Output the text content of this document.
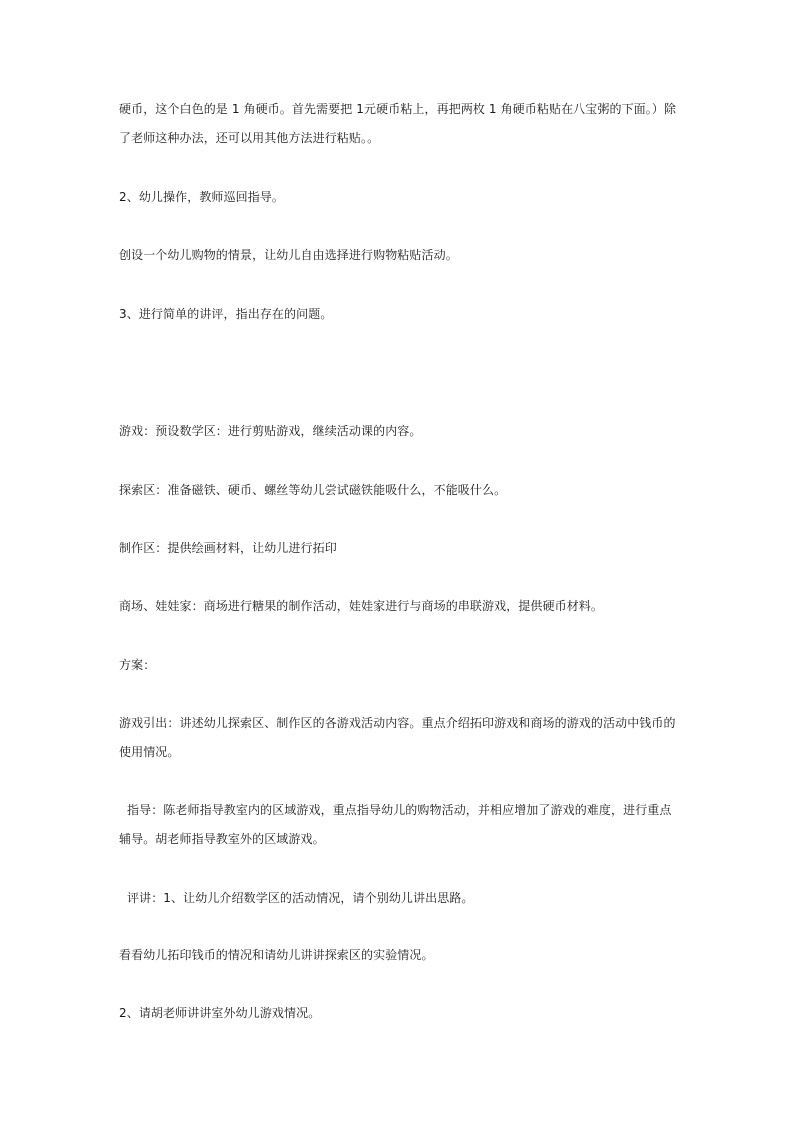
硬币，这个白色的是 1 角硬币。首先需要把 1元硬币粘上，再把两枚 1 角硬币粘贴在八宝粥的下面。）除了老师这种办法，还可以用其他方法进行粘贴。。

2、幼儿操作，教师巡回指导。

创设一个幼儿购物的情景，让幼儿自由选择进行购物粘贴活动。

3、进行简单的讲评，指出存在的问题。

游戏：预设数学区：进行剪贴游戏，继续活动课的内容。

探索区：准备磁铁、硬币、螺丝等幼儿尝试磁铁能吸什么，不能吸什么。

制作区：提供绘画材料，让幼儿进行拓印

商场、娃娃家：商场进行糖果的制作活动，娃娃家进行与商场的串联游戏，提供硬币材料。

方案：

游戏引出：讲述幼儿探索区、制作区的各游戏活动内容。重点介绍拓印游戏和商场的游戏的活动中钱币的使用情况。

指导：陈老师指导教室内的区域游戏，重点指导幼儿的购物活动，并相应增加了游戏的难度，进行重点辅导。胡老师指导教室外的区域游戏。

评讲：1、让幼儿介绍数学区的活动情况，请个别幼儿讲出思路。

看看幼儿拓印钱币的情况和请幼儿讲讲探索区的实验情况。

2、请胡老师讲讲室外幼儿游戏情况。
